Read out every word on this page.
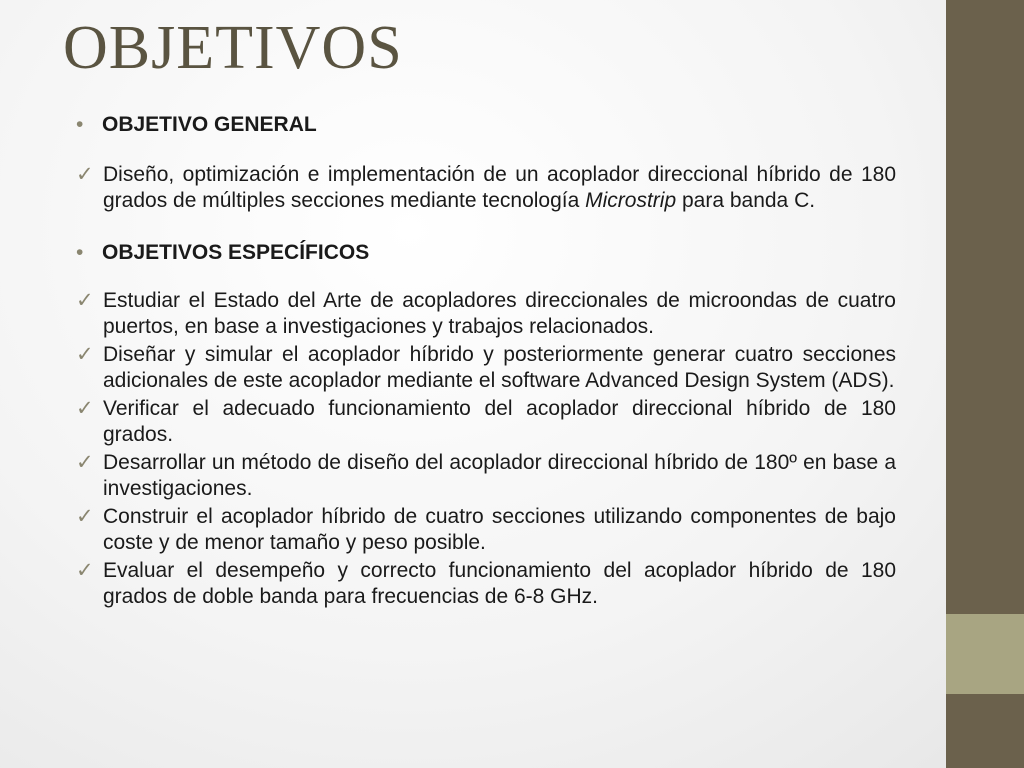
OBJETIVOS

• OBJETIVO GENERAL

✓ Diseño, optimización e implementación de un acoplador direccional híbrido de 180 grados de múltiples secciones mediante tecnología Microstrip para banda C.

• OBJETIVOS ESPECÍFICOS

✓ Estudiar el Estado del Arte de acopladores direccionales de microondas de cuatro puertos, en base a investigaciones y trabajos relacionados.

✓ Diseñar y simular el acoplador híbrido y posteriormente generar cuatro secciones adicionales de este acoplador mediante el software Advanced Design System (ADS).

✓ Verificar el adecuado funcionamiento del acoplador direccional híbrido de 180 grados.

✓ Desarrollar un método de diseño del acoplador direccional híbrido de 180º en base a investigaciones.

✓ Construir el acoplador híbrido de cuatro secciones utilizando componentes de bajo coste y de menor tamaño y peso posible.

✓ Evaluar el desempeño y correcto funcionamiento del acoplador híbrido de 180 grados de doble banda para frecuencias de 6-8 GHz.
